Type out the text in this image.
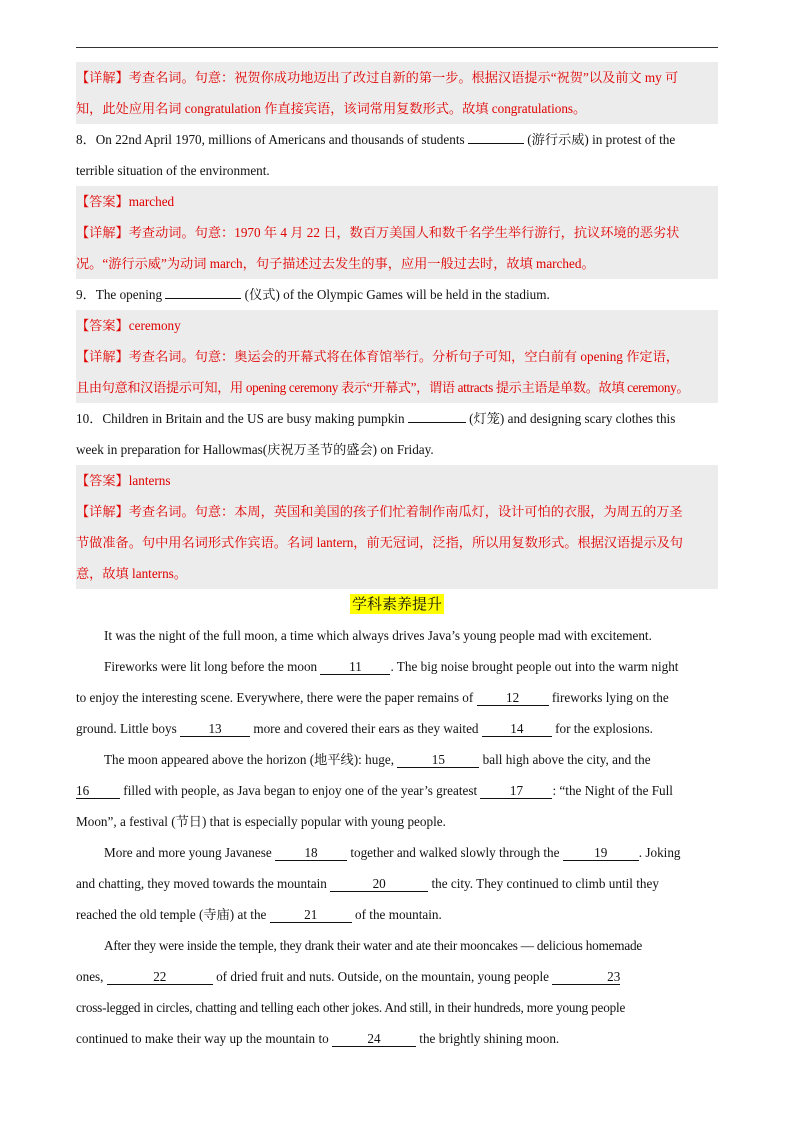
【详解】考查名词。句意：祝贺你成功地迈出了改过自新的第一步。根据汉语提示“祝贺”以及前文 my 可

知，此处应用名词 congratulation 作直接宾语，该词常用复数形式。故填 congratulations。

8．On 22nd April 1970, millions of Americans and thousands of students	(游行示威) in protest of the

terrible situation of the environment.

【答案】marched

【详解】考查动词。句意：1970 年 4 月 22 日，数百万美国人和数千名学生举行游行，抗议环境的恶劣状

况。“游行示威”为动词 march，句子描述过去发生的事，应用一般过去时，故填 marched。

9．The opening	(仪式) of the Olympic Games will be held in the stadium.

【答案】ceremony

【详解】考查名词。句意：奥运会的开幕式将在体育馆举行。分析句子可知，空白前有 opening 作定语，

且由句意和汉语提示可知，用 opening ceremony 表示“开幕式”，谓语 attracts 提示主语是单数。故填 ceremony。

10．Children in Britain and the US are busy making pumpkin	(灯笼) and designing scary clothes this

week in preparation for Hallowmas(庆祝万圣节的盛会) on Friday.

【答案】lanterns

【详解】考查名词。句意：本周，英国和美国的孩子们忙着制作南瓜灯，设计可怕的衣服，为周五的万圣

节做准备。句中用名词形式作宾语。名词 lantern，前无冠词，泛指，所以用复数形式。根据汉语提示及句

意，故填 lanterns。

学科素养提升

It was the night of the full moon, a time which always drives Java’s young people mad with excitement.

Fireworks were lit long before the moon 11 . The big noise brought people out into the warm night

to enjoy the interesting scene. Everywhere, there were the paper remains of 12 fireworks lying on the

ground. Little boys 13 more and covered their ears as they waited 14 for the explosions.

The moon appeared above the horizon (地平线): huge,	15	ball high above the city, and the

16 filled with people, as Java began to enjoy one of the year’s greatest 17 : “the Night of the Full

Moon”, a festival (节日) that is especially popular with young people.

More and more young Javanese 18 together and walked slowly through the 19 . Joking

and chatting, they moved towards the mountain	20	the city. They continued to climb until they

reached the old temple (寺庙) at the	21	of the mountain.

After they were inside the temple, they drank their water and ate their mooncakes — delicious homemade

ones,	22	of dried fruit and nuts. Outside, on the mountain, young people	23

cross-legged in circles, chatting and telling each other jokes. And still, in their hundreds, more young people

continued to make their way up the mountain to	24	the brightly shining moon.
